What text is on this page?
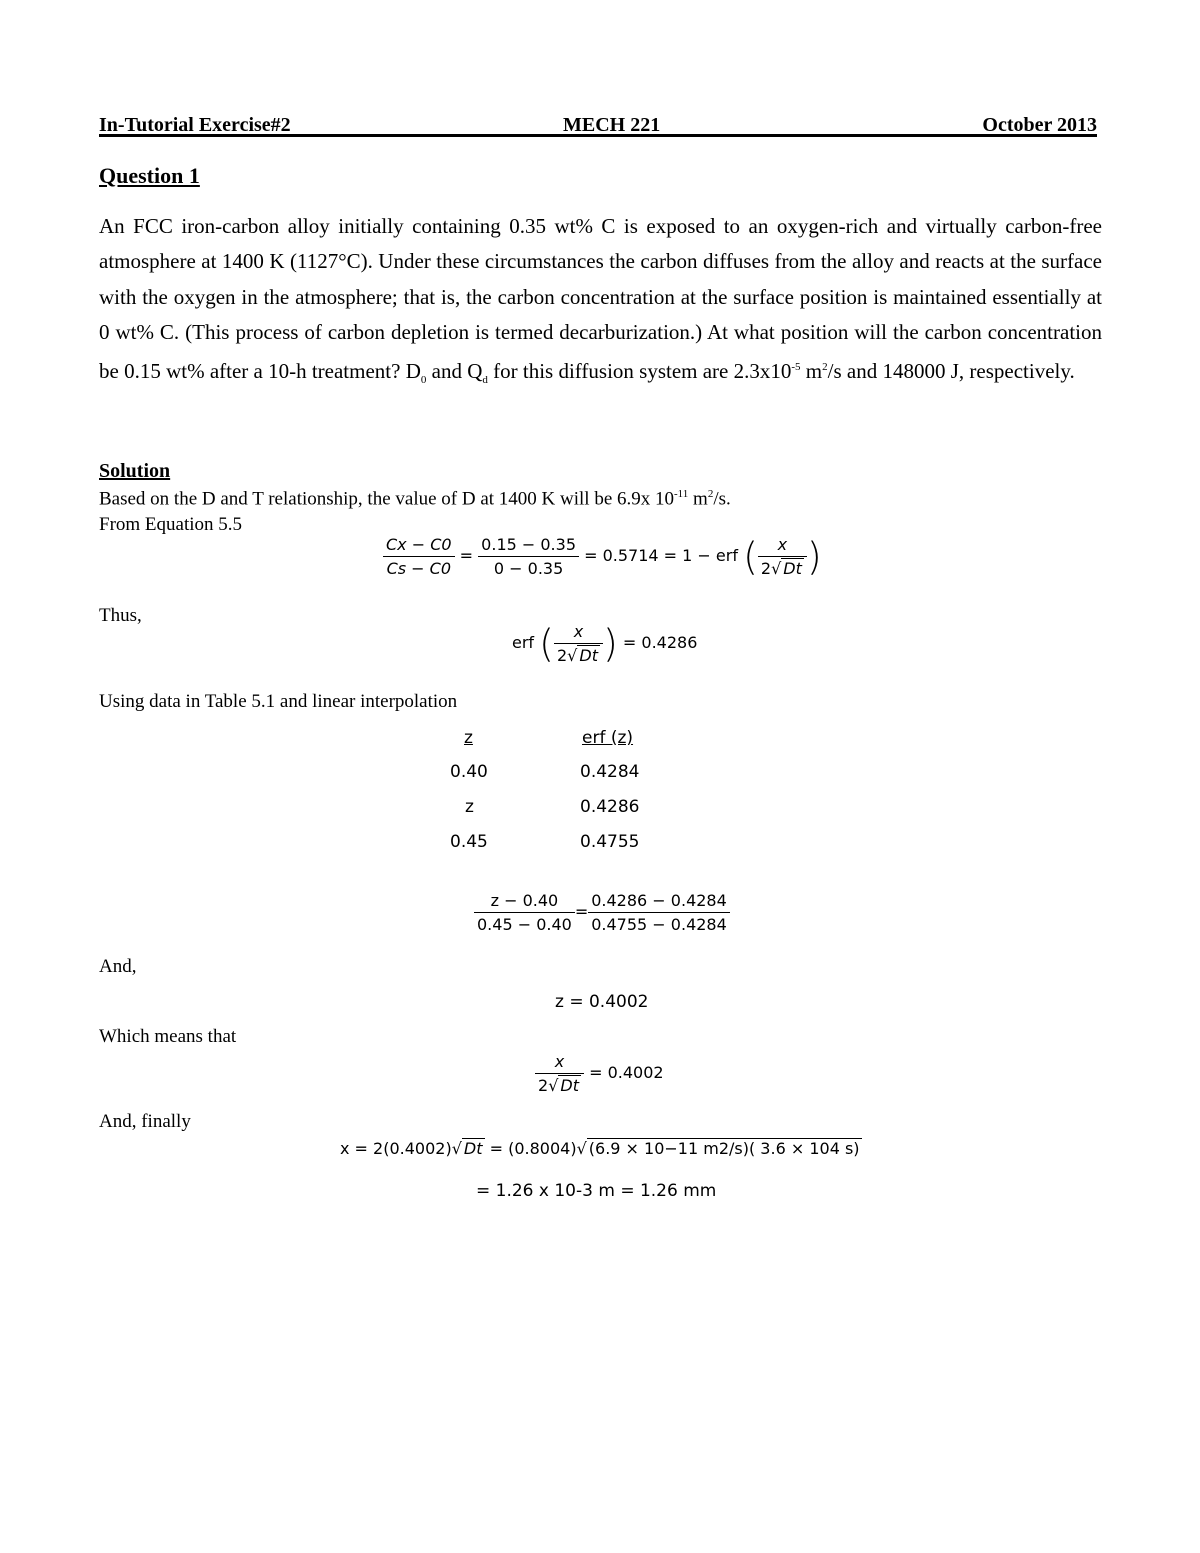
In-Tutorial Exercise#2	MECH 221	October 2013
Question 1
An FCC iron-carbon alloy initially containing 0.35 wt% C is exposed to an oxygen-rich and virtually carbon-free atmosphere at 1400 K (1127°C). Under these circumstances the carbon diffuses from the alloy and reacts at the surface with the oxygen in the atmosphere; that is, the carbon concentration at the surface position is maintained essentially at 0 wt% C. (This process of carbon depletion is termed decarburization.) At what position will the carbon concentration be 0.15 wt% after a 10-h treatment? $D_0$ and $Q_d$ for this diffusion system are $2.3x10^{-5}$ $m^2/s$ and 148000 J, respectively.
Solution
Based on the D and T relationship, the value of D at 1400 K will be 6.9x $10^{-11}$ $m^2/s$.
From Equation 5.5
$\frac{Cx - C0}{Cs - C0} = \frac{0.15 - 0.35}{0 - 0.35} = 0.5714 = 1$ − erf ( $\frac{x}{2√ Dt}$ )
Thus,
erf ( $\frac{x}{2√ Dt}$ ) = 0.4286
Using data in Table 5.1 and linear interpolation
z	erf (z)
0.40	0.4284
z	0.4286
0.45	0.4755
$\frac{z - 0.40}{0.45 - 0.40} = \frac{0.4286 - 0.4284}{0.4755 - 0.4284}$
And,
z = 0.4002
Which means that
$\frac{x}{2√ Dt} = 0.4002$
And, finally
x = 2(0.4002)√ Dt = (0.8004)√ (6.9 × 10−11 m2/s)( 3.6 × 104 s)
= 1.26 x 10-3 m = 1.26 mm
